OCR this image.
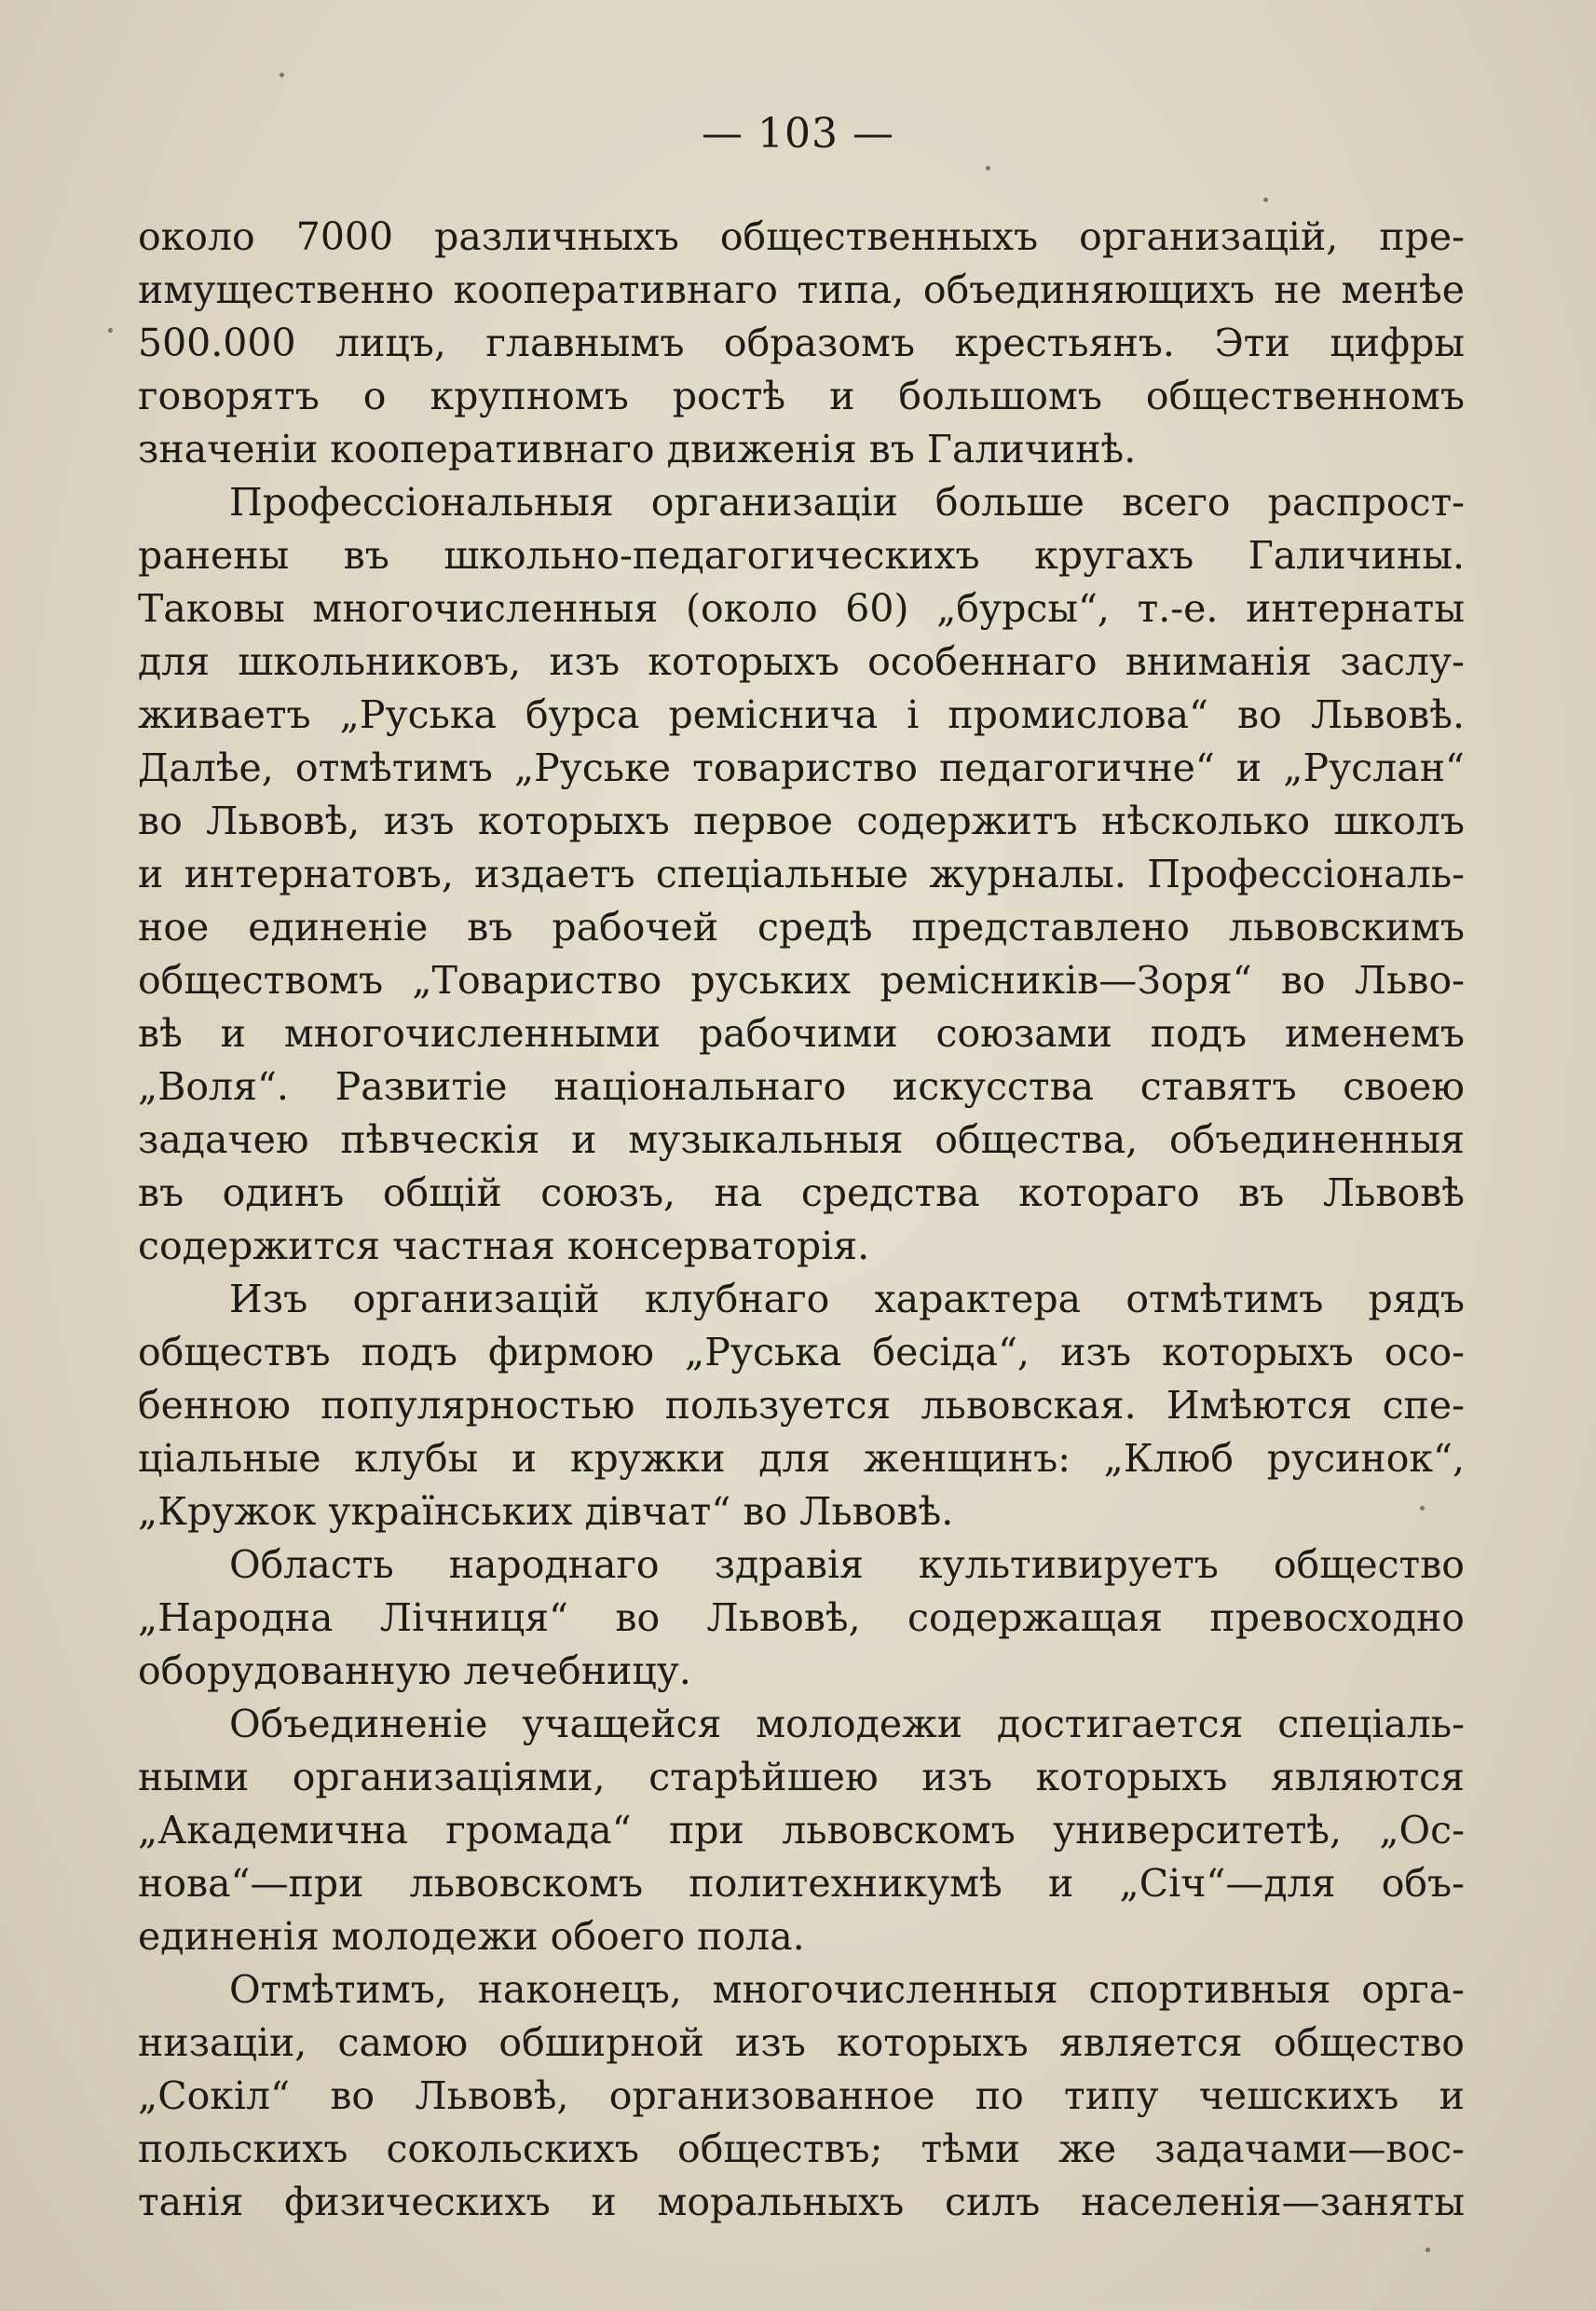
— 103 —
около 7000 различныхъ общественныхъ организацій, пре-
имущественно кооперативнаго типа, объединяющихъ не менѣе
500.000 лицъ, главнымъ образомъ крестьянъ. Эти цифры
говорятъ о крупномъ ростѣ и большомъ общественномъ
значеніи кооперативнаго движенія въ Галичинѣ.
Профессіональныя организаціи больше всего распрост-
ранены въ школьно-педагогическихъ кругахъ Галичины.
Таковы многочисленныя (около 60) „бурсы“, т.-е. интернаты
для школьниковъ, изъ которыхъ особеннаго вниманія заслу-
живаетъ „Руська бурса ремісничa і промислова“ во Львовѣ.
Далѣе, отмѣтимъ „Руське товариство педагогичне“ и „Руслан“
во Львовѣ, изъ которыхъ первое содержитъ нѣсколько школъ
и интернатовъ, издаетъ спеціальные журналы. Профессіональ-
ное единеніе въ рабочей средѣ представлено львовскимъ
обществомъ „Товариство руських ремісників—Зоря“ во Льво-
вѣ и многочисленными рабочими союзами подъ именемъ
„Воля“. Развитіе національнаго искусства ставятъ своею
задачею пѣвческія и музыкальныя общества, объединенныя
въ одинъ общій союзъ, на средства котораго въ Львовѣ
содержится частная консерваторія.
Изъ организацій клубнаго характера отмѣтимъ рядъ
обществъ подъ фирмою „Руська бесіда“, изъ которыхъ осо-
бенною популярностью пользуется львовская. Имѣются спе-
ціальные клубы и кружки для женщинъ: „Клюб русинок“,
„Кружок українських дівчат“ во Львовѣ.
Область народнаго здравія культивируетъ общество
„Народна Лічниця“ во Львовѣ, содержащая превосходно
оборудованную лечебницу.
Объединеніе учащейся молодежи достигается спеціаль-
ными организаціями, старѣйшею изъ которыхъ являются
„Академична громада“ при львовскомъ университетѣ, „Ос-
нова“—при львовскомъ политехникумѣ и „Січ“—для объ-
единенія молодежи обоего пола.
Отмѣтимъ, наконецъ, многочисленныя спортивныя орга-
низаціи, самою обширной изъ которыхъ является общество
„Сокіл“ во Львовѣ, организованное по типу чешскихъ и
польскихъ сокольскихъ обществъ; тѣми же задачами—вос-
танія физическихъ и моральныхъ силъ населенія—заняты
